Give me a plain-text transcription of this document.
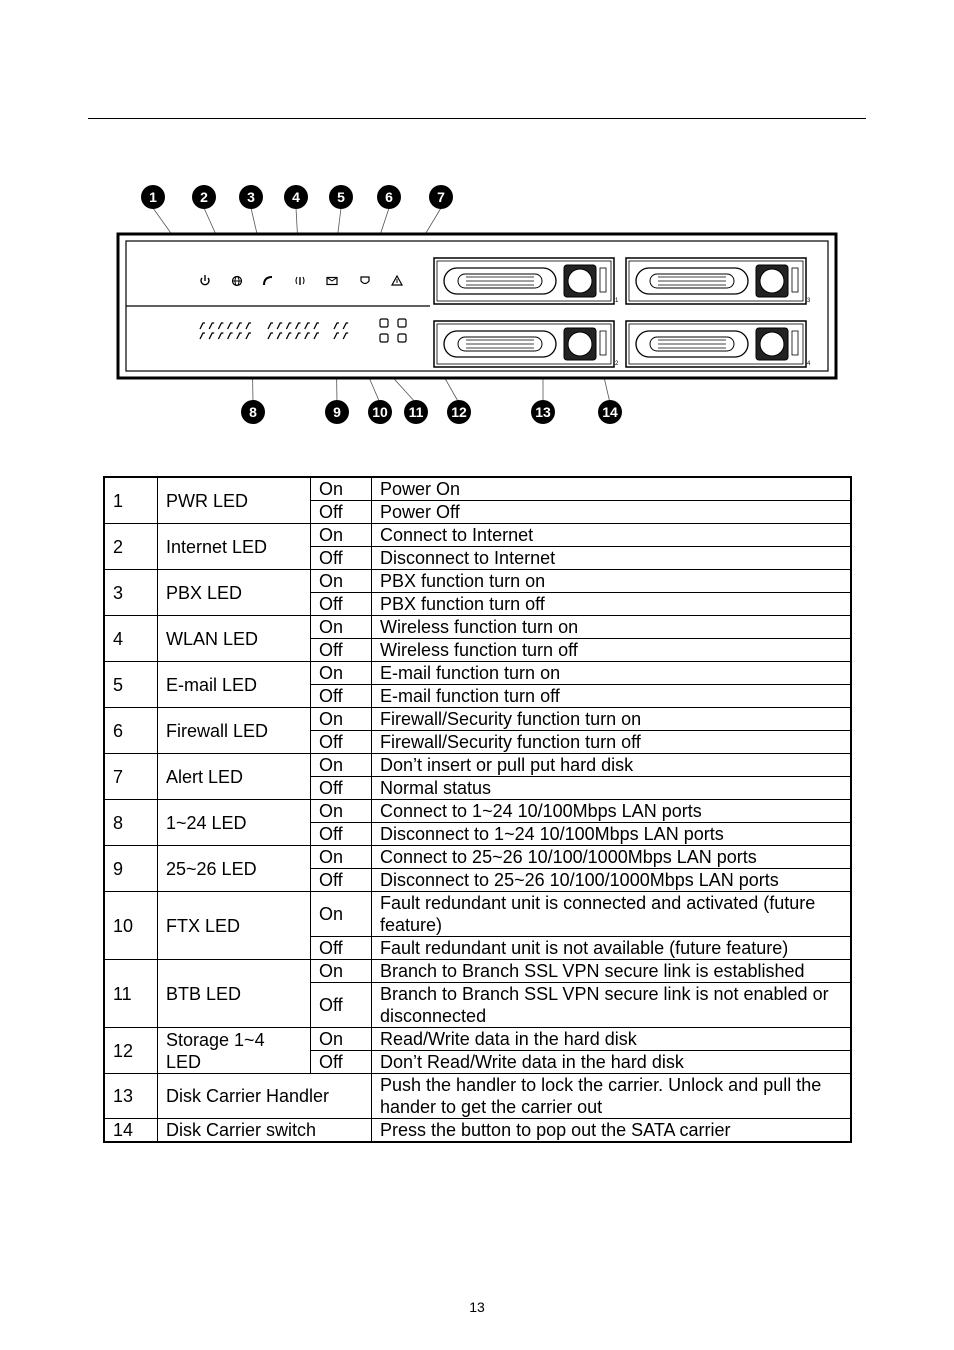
1	3
2	4
1	2	3	4	5	6	7
8	9 10 11 12	13	14
1	PWR LED	On	Power On
		Off	Power Off
2	Internet LED	On	Connect to Internet
		Off	Disconnect to Internet
3	PBX LED	On	PBX function turn on
		Off	PBX function turn off
4	WLAN LED	On	Wireless function turn on
		Off	Wireless function turn off
5	E-mail LED	On	E-mail function turn on
		Off	E-mail function turn off
6	Firewall LED	On	Firewall/Security function turn on
		Off	Firewall/Security function turn off
7	Alert LED	On	Don’t insert or pull put hard disk
		Off	Normal status
8	1~24 LED	On	Connect to 1~24 10/100Mbps LAN ports
		Off	Disconnect to 1~24 10/100Mbps LAN ports
9	25~26 LED	On	Connect to 25~26 10/100/1000Mbps LAN ports
		Off	Disconnect to 25~26 10/100/1000Mbps LAN ports
10	FTX LED	On	Fault redundant unit is connected and activated (future feature)
		Off	Fault redundant unit is not available (future feature)
11	BTB LED	On	Branch to Branch SSL VPN secure link is established
		Off	Branch to Branch SSL VPN secure link is not enabled or disconnected
12	Storage 1~4 LED	On	Read/Write data in the hard disk
		Off	Don’t Read/Write data in the hard disk
13	Disk Carrier Handler		Push the handler to lock the carrier. Unlock and pull the hander to get the carrier out
14	Disk Carrier switch		Press the button to pop out the SATA carrier
13
